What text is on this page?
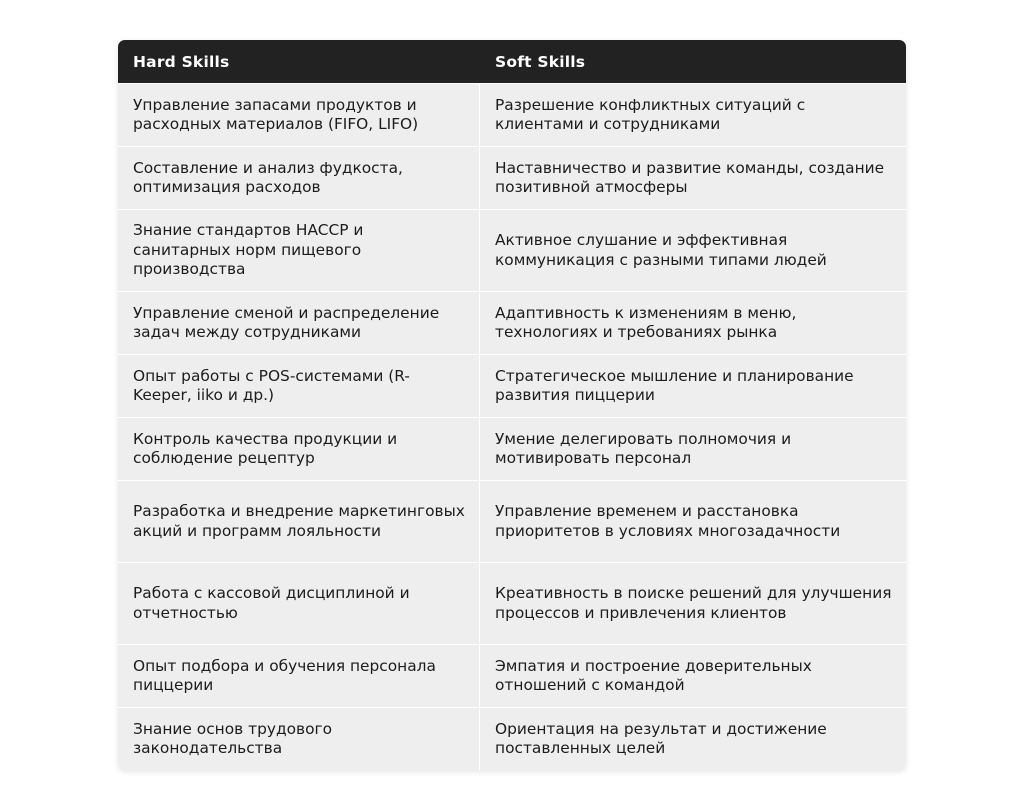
Hard Skills	Soft Skills
Управление запасами продуктов и расходных материалов (FIFO, LIFO)
Разрешение конфликтных ситуаций с клиентами и сотрудниками
Составление и анализ фудкоста, оптимизация расходов
Наставничество и развитие команды, создание позитивной атмосферы
Знание стандартов HACCP и санитарных норм пищевого производства
Активное слушание и эффективная коммуникация с разными типами людей
Управление сменой и распределение задач между сотрудниками
Адаптивность к изменениям в меню, технологиях и требованиях рынка
Опыт работы с POS-системами (R-Keeper, iiko и др.)
Стратегическое мышление и планирование развития пиццерии
Контроль качества продукции и соблюдение рецептур
Умение делегировать полномочия и мотивировать персонал
Разработка и внедрение маркетинговых акций и программ лояльности
Управление временем и расстановка приоритетов в условиях многозадачности
Работа с кассовой дисциплиной и отчетностью
Креативность в поиске решений для улучшения процессов и привлечения клиентов
Опыт подбора и обучения персонала пиццерии
Эмпатия и построение доверительных отношений с командой
Знание основ трудового законодательства
Ориентация на результат и достижение поставленных целей
